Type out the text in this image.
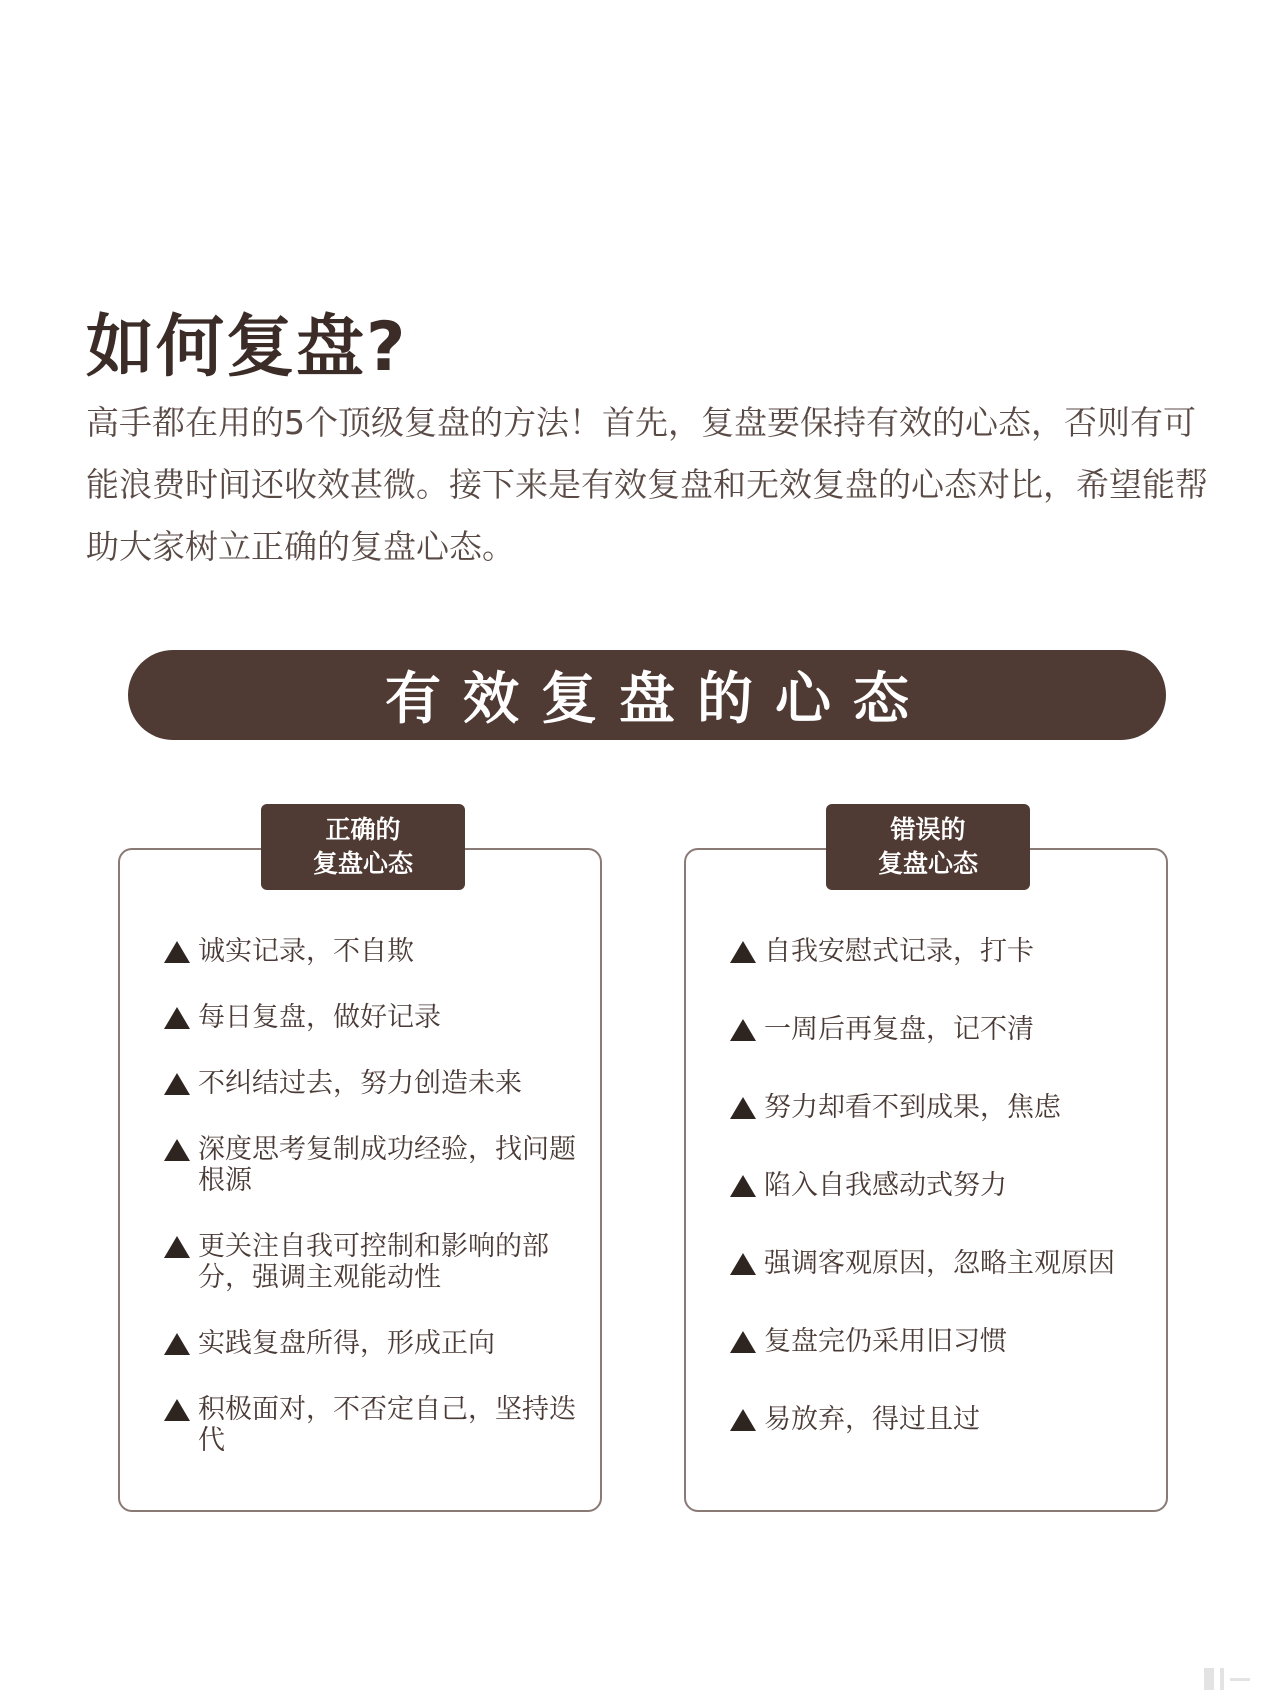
如何复盘?

高手都在用的5个顶级复盘的方法！首先，复盘要保持有效的心态，否则有可能浪费时间还收效甚微。接下来是有效复盘和无效复盘的心态对比，希望能帮助大家树立正确的复盘心态。

有效复盘的心态
正确的
复盘心态
诚实记录，不自欺
每日复盘，做好记录
不纠结过去，努力创造未来
深度思考复制成功经验，找问题根源
更关注自我可控制和影响的部分，强调主观能动性
实践复盘所得，形成正向
积极面对，不否定自己，坚持迭代
错误的
复盘心态
自我安慰式记录，打卡
一周后再复盘，记不清
努力却看不到成果，焦虑
陷入自我感动式努力
强调客观原因，忽略主观原因
复盘完仍采用旧习惯
易放弃，得过且过
